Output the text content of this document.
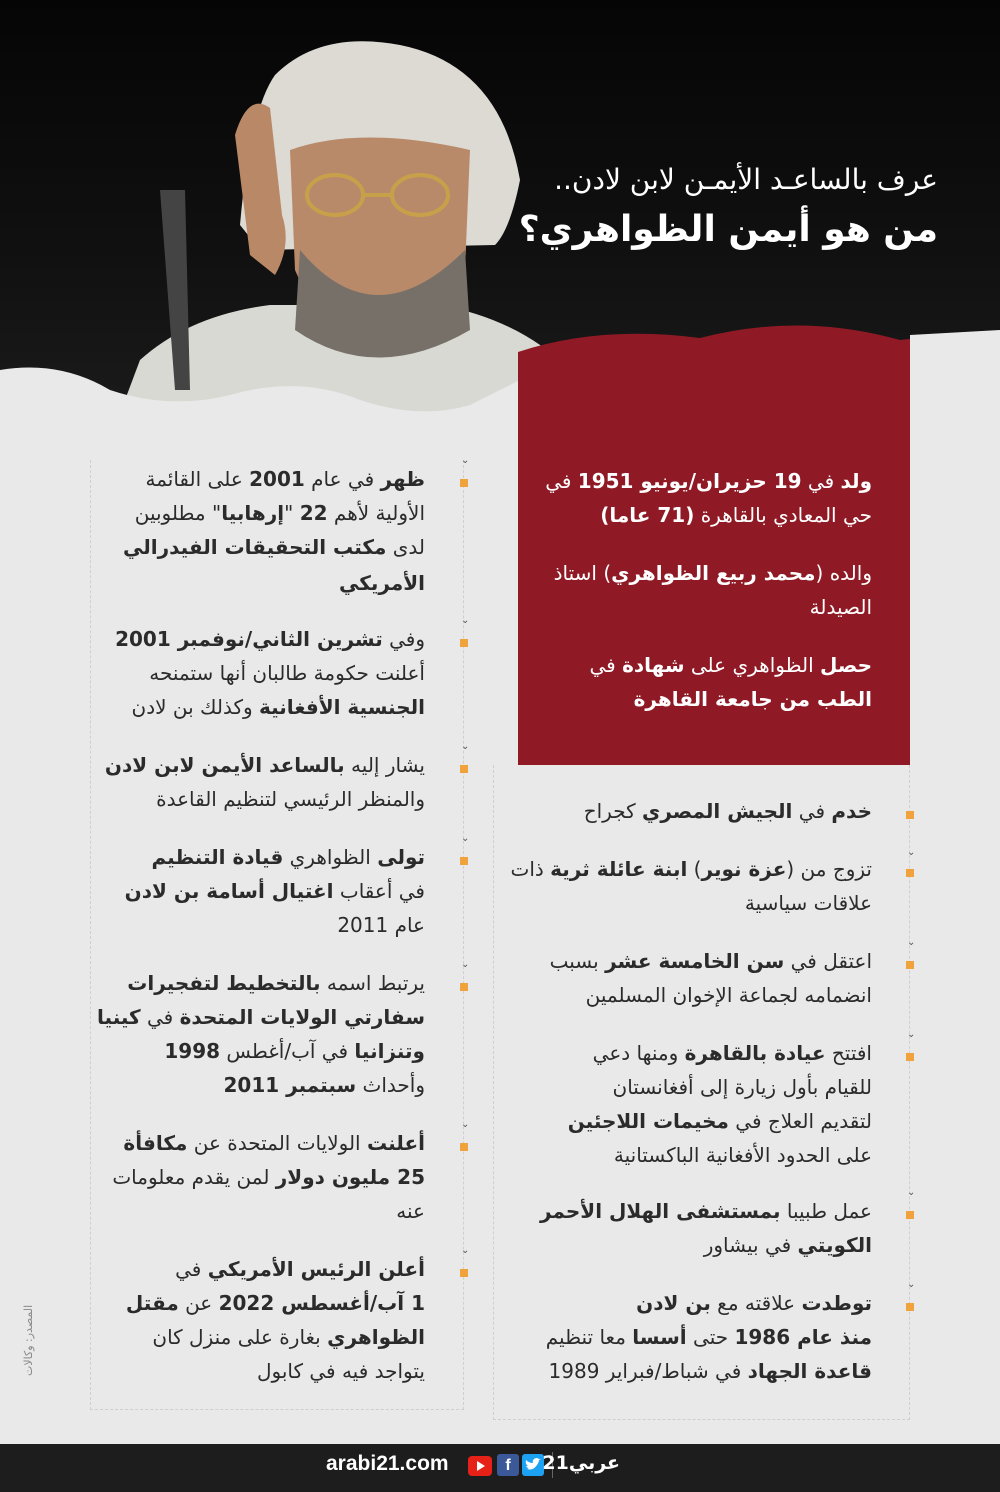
عرف بالساعـد الأيمـن لابن لادن..
من هو أيمن الظواهري؟
ولد في 19 حزيران/يونيو 1951 في
حي المعادي بالقاهرة (71 عاما)
والده (محمد ربيع الظواهري) استاذ
الصيدلة
حصل الظواهري على شهادة في
الطب من جامعة القاهرة
خدم في الجيش المصري كجراح
تزوج من (عزة نوير) ابنة عائلة ثرية ذات
علاقات سياسية
اعتقل في سن الخامسة عشر بسبب
انضمامه لجماعة الإخوان المسلمين
افتتح عيادة بالقاهرة ومنها دعي
للقيام بأول زيارة إلى أفغانستان
لتقديم العلاج في مخيمات اللاجئين
على الحدود الأفغانية الباكستانية
عمل طبيبا بمستشفى الهلال الأحمر
الكويتي في بيشاور
توطدت علاقته مع بن لادن
منذ عام 1986 حتى أسسا معا تنظيم
قاعدة الجهاد في شباط/فبراير 1989
ظهر في عام 2001 على القائمة
الأولية لأهم 22 "إرهابيا" مطلوبين
لدى مكتب التحقيقات الفيدرالي
الأمريكي
وفي تشرين الثاني/نوفمبر 2001
أعلنت حكومة طالبان أنها ستمنحه
الجنسية الأفغانية وكذلك بن لادن
يشار إليه بالساعد الأيمن لابن لادن
والمنظر الرئيسي لتنظيم القاعدة
تولى الظواهري قيادة التنظيم
في أعقاب اغتيال أسامة بن لادن
عام 2011
يرتبط اسمه بالتخطيط لتفجيرات
سفارتي الولايات المتحدة في كينيا
وتنزانيا في آب/أغطس 1998
وأحداث سبتمبر 2011
أعلنت الولايات المتحدة عن مكافأة
25 مليون دولار لمن يقدم معلومات
عنه
أعلن الرئيس الأمريكي في
1 آب/أغسطس 2022 عن مقتل
الظواهري بغارة على منزل كان
يتواجد فيه في كابول
⌄
⌄
⌄
⌄
⌄
⌄
⌄
⌄
⌄
⌄
⌄
⌄
المصدر: وكالات
arabi21.com	f	عربي21
